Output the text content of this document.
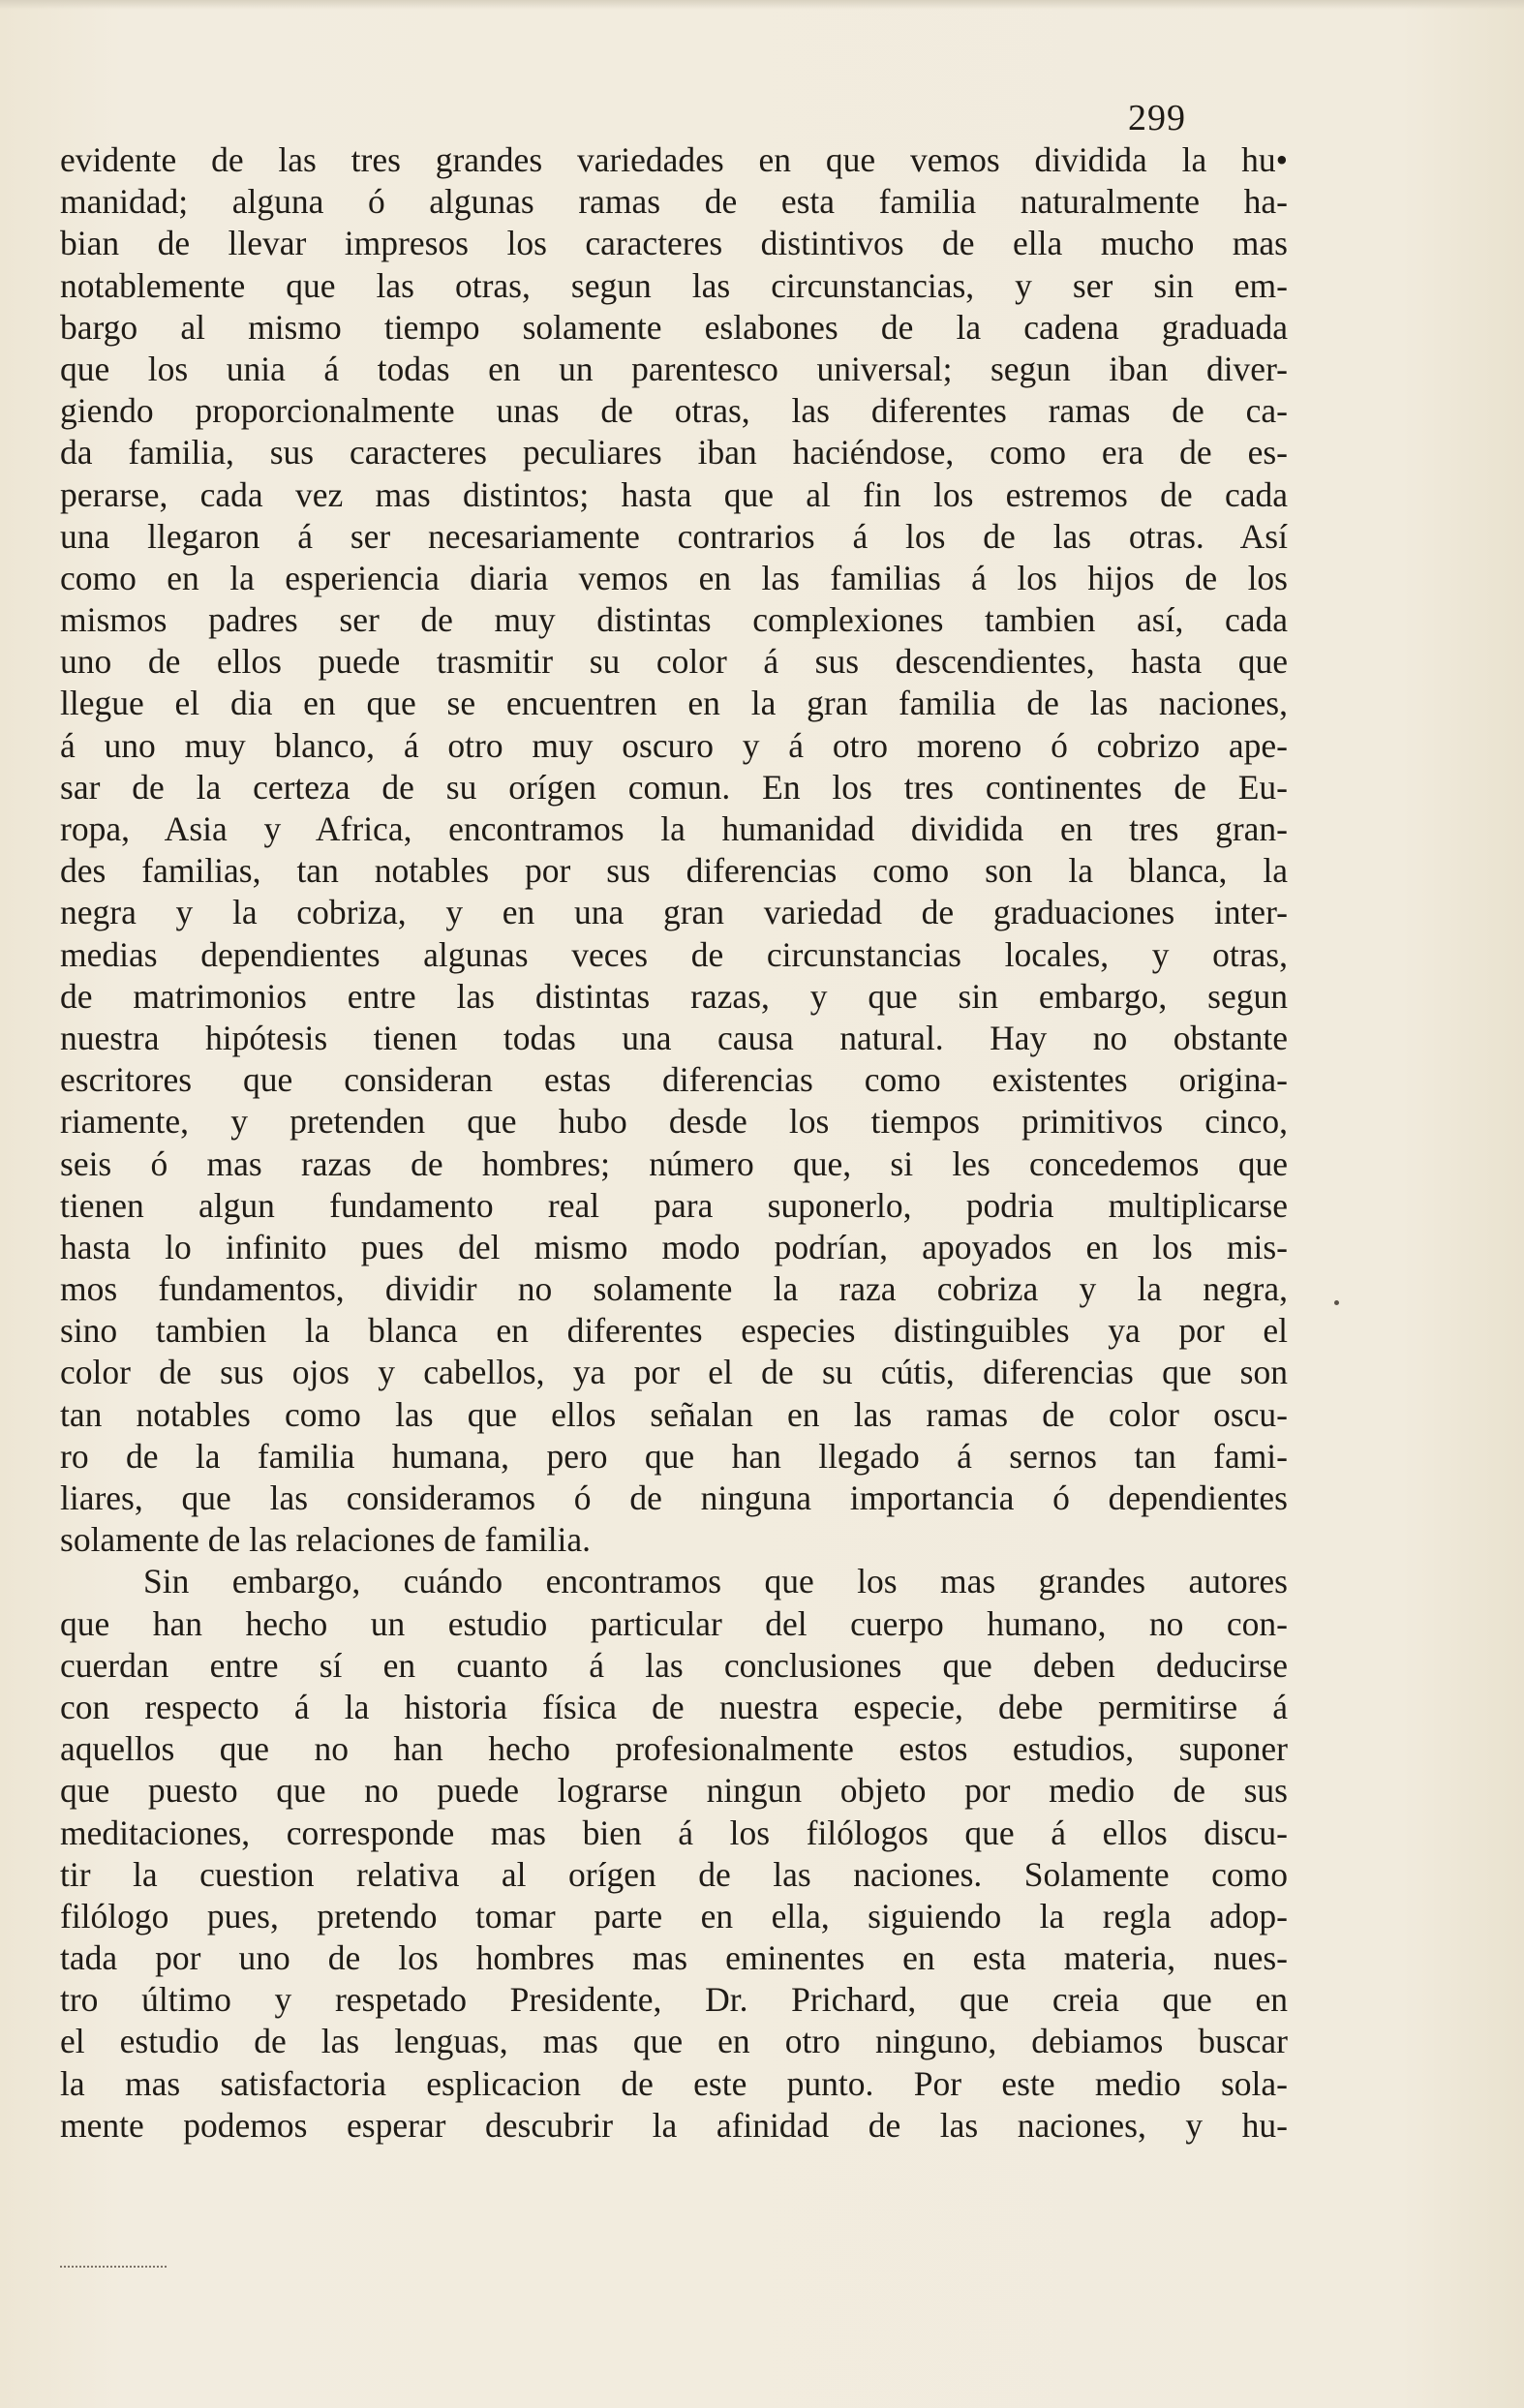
299
evidente de las tres grandes variedades en que vemos dividida la hu•
manidad; alguna ó algunas ramas de esta familia naturalmente ha-
bian de llevar impresos los caracteres distintivos de ella mucho mas
notablemente que las otras, segun las circunstancias, y ser sin em-
bargo al mismo tiempo solamente eslabones de la cadena graduada
que los unia á todas en un parentesco universal; segun iban diver-
giendo proporcionalmente unas de otras, las diferentes ramas de ca-
da familia, sus caracteres peculiares iban haciéndose, como era de es-
perarse, cada vez mas distintos; hasta que al fin los estremos de cada
una llegaron á ser necesariamente contrarios á los de las otras. Así
como en la esperiencia diaria vemos en las familias á los hijos de los
mismos padres ser de muy distintas complexiones tambien así, cada
uno de ellos puede trasmitir su color á sus descendientes, hasta que
llegue el dia en que se encuentren en la gran familia de las naciones,
á uno muy blanco, á otro muy oscuro y á otro moreno ó cobrizo ape-
sar de la certeza de su orígen comun. En los tres continentes de Eu-
ropa, Asia y Africa, encontramos la humanidad dividida en tres gran-
des familias, tan notables por sus diferencias como son la blanca, la
negra y la cobriza, y en una gran variedad de graduaciones inter-
medias dependientes algunas veces de circunstancias locales, y otras,
de matrimonios entre las distintas razas, y que sin embargo, segun
nuestra hipótesis tienen todas una causa natural. Hay no obstante
escritores que consideran estas diferencias como existentes origina-
riamente, y pretenden que hubo desde los tiempos primitivos cinco,
seis ó mas razas de hombres; número que, si les concedemos que
tienen algun fundamento real para suponerlo, podria multiplicarse
hasta lo infinito pues del mismo modo podrían, apoyados en los mis-
mos fundamentos, dividir no solamente la raza cobriza y la negra,
sino tambien la blanca en diferentes especies distinguibles ya por el
color de sus ojos y cabellos, ya por el de su cútis, diferencias que son
tan notables como las que ellos señalan en las ramas de color oscu-
ro de la familia humana, pero que han llegado á sernos tan fami-
liares, que las consideramos ó de ninguna importancia ó dependientes
solamente de las relaciones de familia.
Sin embargo, cuándo encontramos que los mas grandes autores
que han hecho un estudio particular del cuerpo humano, no con-
cuerdan entre sí en cuanto á las conclusiones que deben deducirse
con respecto á la historia física de nuestra especie, debe permitirse á
aquellos que no han hecho profesionalmente estos estudios, suponer
que puesto que no puede lograrse ningun objeto por medio de sus
meditaciones, corresponde mas bien á los filólogos que á ellos discu-
tir la cuestion relativa al orígen de las naciones. Solamente como
filólogo pues, pretendo tomar parte en ella, siguiendo la regla adop-
tada por uno de los hombres mas eminentes en esta materia, nues-
tro último y respetado Presidente, Dr. Prichard, que creia que en
el estudio de las lenguas, mas que en otro ninguno, debiamos buscar
la mas satisfactoria esplicacion de este punto. Por este medio sola-
mente podemos esperar descubrir la afinidad de las naciones, y hu-
